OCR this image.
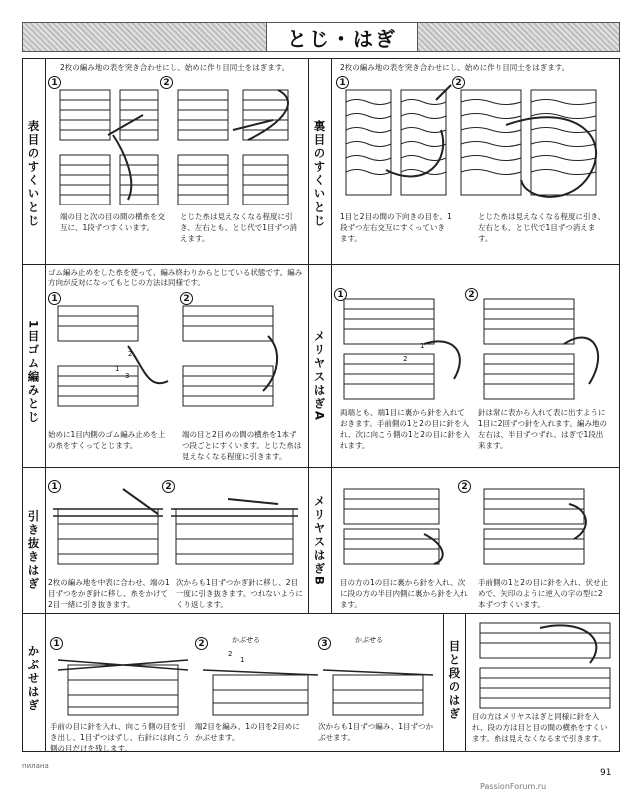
とじ・はぎ
表目のすくいとじ
2枚の編み地の表を突き合わせにし、始めに作り目同士をはぎます。
1	2
端の目と次の目の間の横糸を交互に、1段ずつすくいます。
とじた糸は見えなくなる程度に引き、左右とも、とじ代で1目ずつ消えます。
裏目のすくいとじ
2枚の編み地の表を突き合わせにし、始めに作り目同士をはぎます。
1	2
1目と2目の間の下向きの目を、1段ずつ左右交互にすくっていきます。
とじた糸は見えなくなる程度に引き、左右とも、とじ代で1目ずつ消えます。
1目ゴム編みとじ
ゴム編み止めをした糸を使って、編み終わりからとじている状態です。編み方向が反対になってもとじの方法は同様です。
1	2
2
1
3
始めに1目内側のゴム編み止めを上の糸をすくってとじます。
端の目と2目めの間の横糸を1本ずつ段ごとにすくいます。とじた糸は見えなくなる程度に引きます。
メリヤスはぎA
1	2
1
2
両端とも、端1目に裏から針を入れておきます。手前側の1と2の目に針を入れ、次に向こう側の1と2の目に針を入れます。
針は常に表から入れて表に出すように1目に2回ずつ針を入れます。編み地の左右は、半目ずつずれ、はぎで1段出来ます。
引き抜きはぎ
1	2
2枚の編み地を中表に合わせ、端の1目ずつをかぎ針に移し、糸をかけて2目一緒に引き抜きます。
次からも1目ずつかぎ針に移し、2目一度に引き抜きます。つれないようにくり返します。
メリヤスはぎB
2
目の方の1の目に裏から針を入れ、次に段の方の半目内側に裏から針を入れます。
手前側の1と2の目に針を入れ、伏せ止めで、矢印のように逆入の字の型に2本ずつすくいます。
かぶせはぎ
1	2	3
かぶせる	かぶせる
2
1
手前の目に針を入れ、向こう側の目を引き出し、1目ずつはずし、右針には向こう側の目だけを残します。
端2目を編み、1の目を2目めにかぶせます。
次からも1目ずつ編み、1目ずつかぶせます。
目と段のはぎ 目の方はメリヤスはぎと同様に針を入れ、段の方は目と目の間の横糸をすくいます。糸は見えなくなるまで引きます。
пилана
91
PassionForum.ru
